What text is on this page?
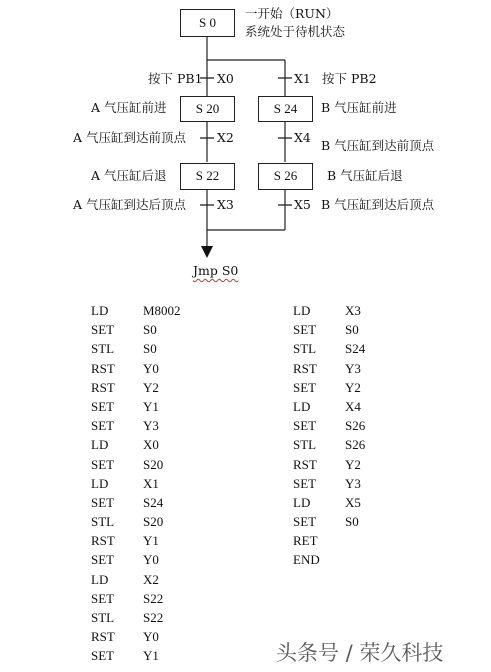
S 0
S 20	S 24
S 22	S 26
一开始（RUN）
系统处于待机状态
按下 PB1 X0	X1 按下 PB2
A 气压缸前进	B 气压缸前进
A 气压缸到达前顶点 X2	X4
B 气压缸到达前顶点
A 气压缸后退	B 气压缸后退
A 气压缸到达后顶点 X3	X5 B 气压缸到达后顶点
Jmp S0
LD	M8002
SET	S0
STL	S0
RST	Y0
RST	Y2
SET	Y1
SET	Y3
LD	X0
SET	S20
LD	X1
SET	S24
STL	S20
RST	Y1
SET	Y0
LD	X2
SET	S22
STL	S22
RST	Y0
SET	Y1
LD	X3
SET	S0
STL	S24
RST	Y3
SET	Y2
LD	X4
SET	S26
STL	S26
RST	Y2
SET	Y3
LD	X5
SET	S0
RET
END
头条号 / 荣久科技
